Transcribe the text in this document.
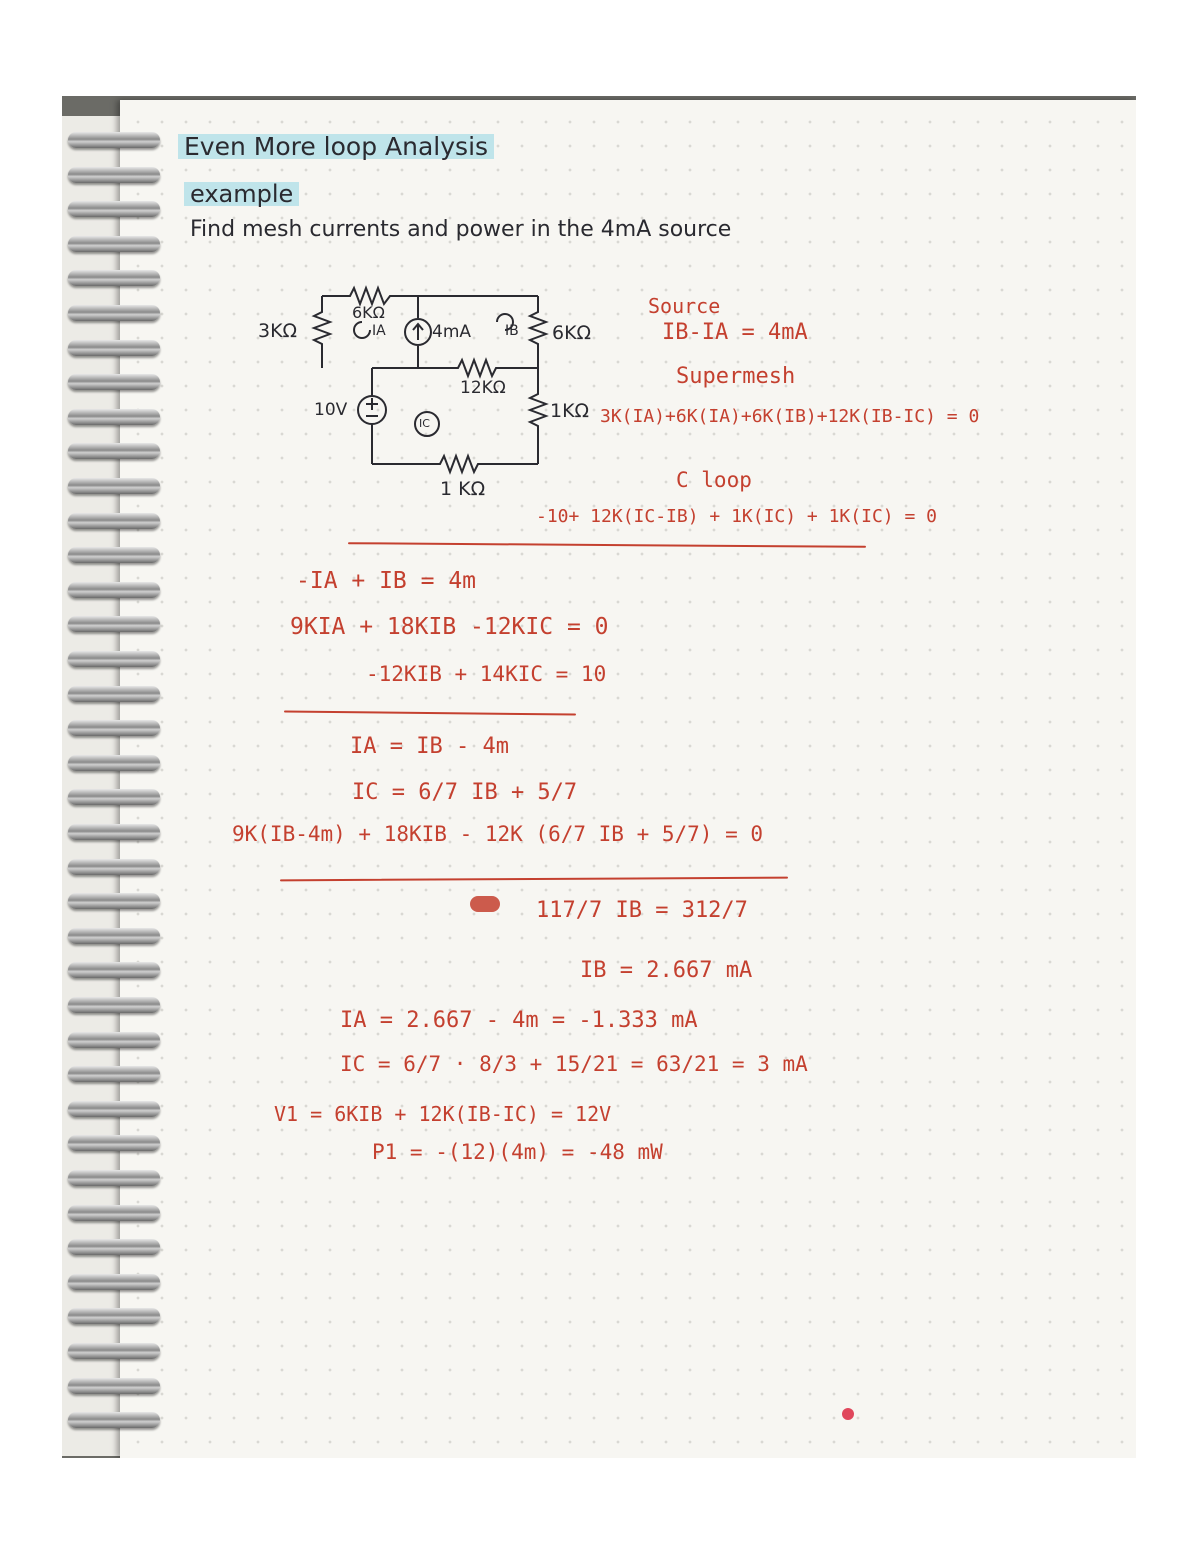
Even More loop Analysis
example
Find mesh currents and power in the 4mA source
6KΩ
3KΩ	6KΩ
12KΩ
1KΩ
1 KΩ
10V
4mA
IA	IB
IC
Source
IB-IA = 4mA
Supermesh
3K(IA)+6K(IA)+6K(IB)+12K(IB-IC) = 0
C loop
-10+ 12K(IC-IB) + 1K(IC) + 1K(IC) = 0
-IA + IB = 4m
9KIA + 18KIB -12KIC = 0
-12KIB + 14KIC = 10
IA = IB - 4m
IC = 6/7 IB + 5/7
9K(IB-4m) + 18KIB - 12K (6/7 IB + 5/7) = 0
117/7 IB = 312/7
IB = 2.667 mA
IA = 2.667 - 4m = -1.333 mA
IC = 6/7 · 8/3 + 15/21 = 63/21 = 3 mA
V1 = 6KIB + 12K(IB-IC) = 12V
P1 = -(12)(4m) = -48 mW
